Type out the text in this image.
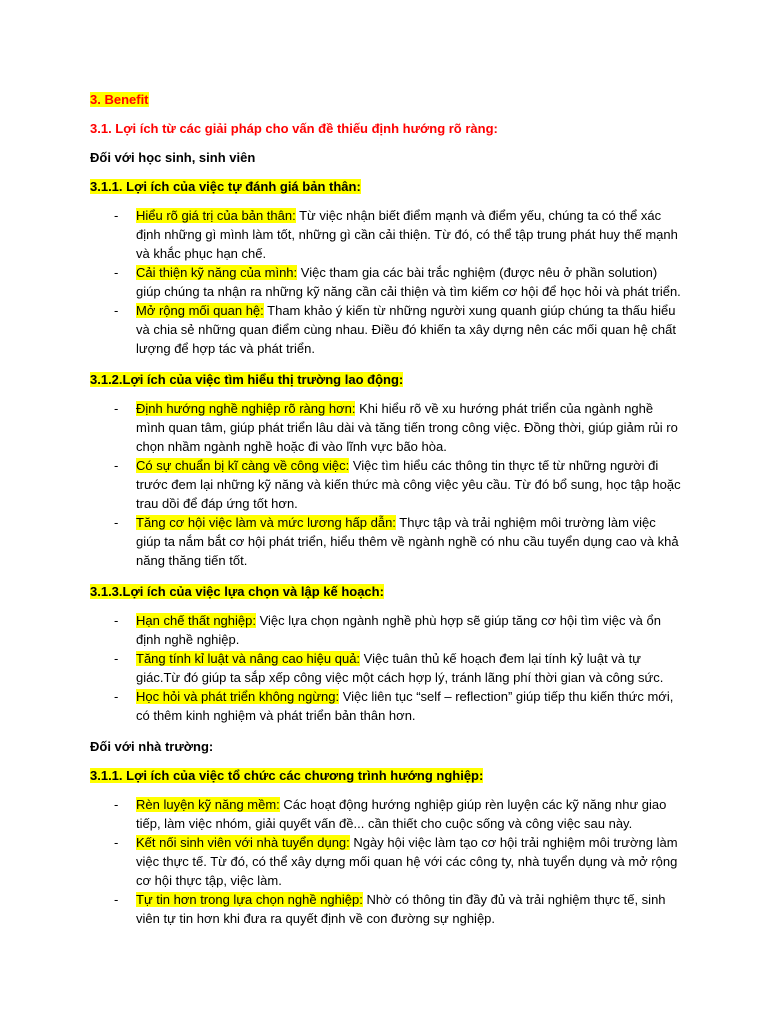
3. Benefit

3.1. Lợi ích từ các giải pháp cho vấn đề thiếu định hướng rõ ràng:

Đối với học sinh, sinh viên

3.1.1. Lợi ích của việc tự đánh giá bản thân:

- Hiểu rõ giá trị của bản thân: Từ việc nhận biết điểm mạnh và điểm yếu, chúng ta có thể xác định những gì mình làm tốt, những gì cần cải thiện. Từ đó, có thể tập trung phát huy thế mạnh và khắc phục hạn chế.
- Cải thiện kỹ năng của mình: Việc tham gia các bài trắc nghiệm (được nêu ở phần solution) giúp chúng ta nhận ra những kỹ năng cần cải thiện và tìm kiếm cơ hội để học hỏi và phát triển.
- Mở rộng mối quan hệ: Tham khảo ý kiến từ những người xung quanh giúp chúng ta thấu hiểu và chia sẻ những quan điểm cùng nhau. Điều đó khiến ta xây dựng nên các mối quan hệ chất lượng để hợp tác và phát triển.

3.1.2.Lợi ích của việc tìm hiểu thị trường lao động:

- Định hướng nghề nghiệp rõ ràng hơn: Khi hiểu rõ về xu hướng phát triển của ngành nghề mình quan tâm, giúp phát triển lâu dài và tăng tiến trong công việc. Đồng thời, giúp giảm rủi ro chọn nhầm ngành nghề hoặc đi vào lĩnh vực bão hòa.
- Có sự chuẩn bị kĩ càng về công việc: Việc tìm hiểu các thông tin thực tế từ những người đi trước đem lại những kỹ năng và kiến thức mà công việc yêu cầu. Từ đó bổ sung, học tập hoặc trau dồi để đáp ứng tốt hơn.
- Tăng cơ hội việc làm và mức lương hấp dẫn: Thực tập và trải nghiệm môi trường làm việc giúp ta nắm bắt cơ hội phát triển, hiểu thêm về ngành nghề có nhu cầu tuyển dụng cao và khả năng thăng tiến tốt.

3.1.3.Lợi ích của việc lựa chọn và lập kế hoạch:

- Hạn chế thất nghiệp: Việc lựa chọn ngành nghề phù hợp sẽ giúp tăng cơ hội tìm việc và ổn định nghề nghiệp.
- Tăng tính kỉ luật và nâng cao hiệu quả: Việc tuân thủ kế hoạch đem lại tính kỷ luật và tự giác.Từ đó giúp ta sắp xếp công việc một cách hợp lý, tránh lãng phí thời gian và công sức.
- Học hỏi và phát triển không ngừng: Việc liên tục “self – reflection” giúp tiếp thu kiến thức mới, có thêm kinh nghiệm và phát triển bản thân hơn.

Đối với nhà trường:

3.1.1. Lợi ích của việc tổ chức các chương trình hướng nghiệp:

- Rèn luyện kỹ năng mềm: Các hoạt động hướng nghiệp giúp rèn luyện các kỹ năng như giao tiếp, làm việc nhóm, giải quyết vấn đề... cần thiết cho cuộc sống và công việc sau này.
- Kết nối sinh viên với nhà tuyển dụng: Ngày hội việc làm tạo cơ hội trải nghiệm môi trường làm việc thực tế. Từ đó, có thể xây dựng mối quan hệ với các công ty, nhà tuyển dụng và mở rộng cơ hội thực tập, việc làm.
- Tự tin hơn trong lựa chọn nghề nghiệp: Nhờ có thông tin đầy đủ và trải nghiệm thực tế, sinh viên tự tin hơn khi đưa ra quyết định về con đường sự nghiệp.
